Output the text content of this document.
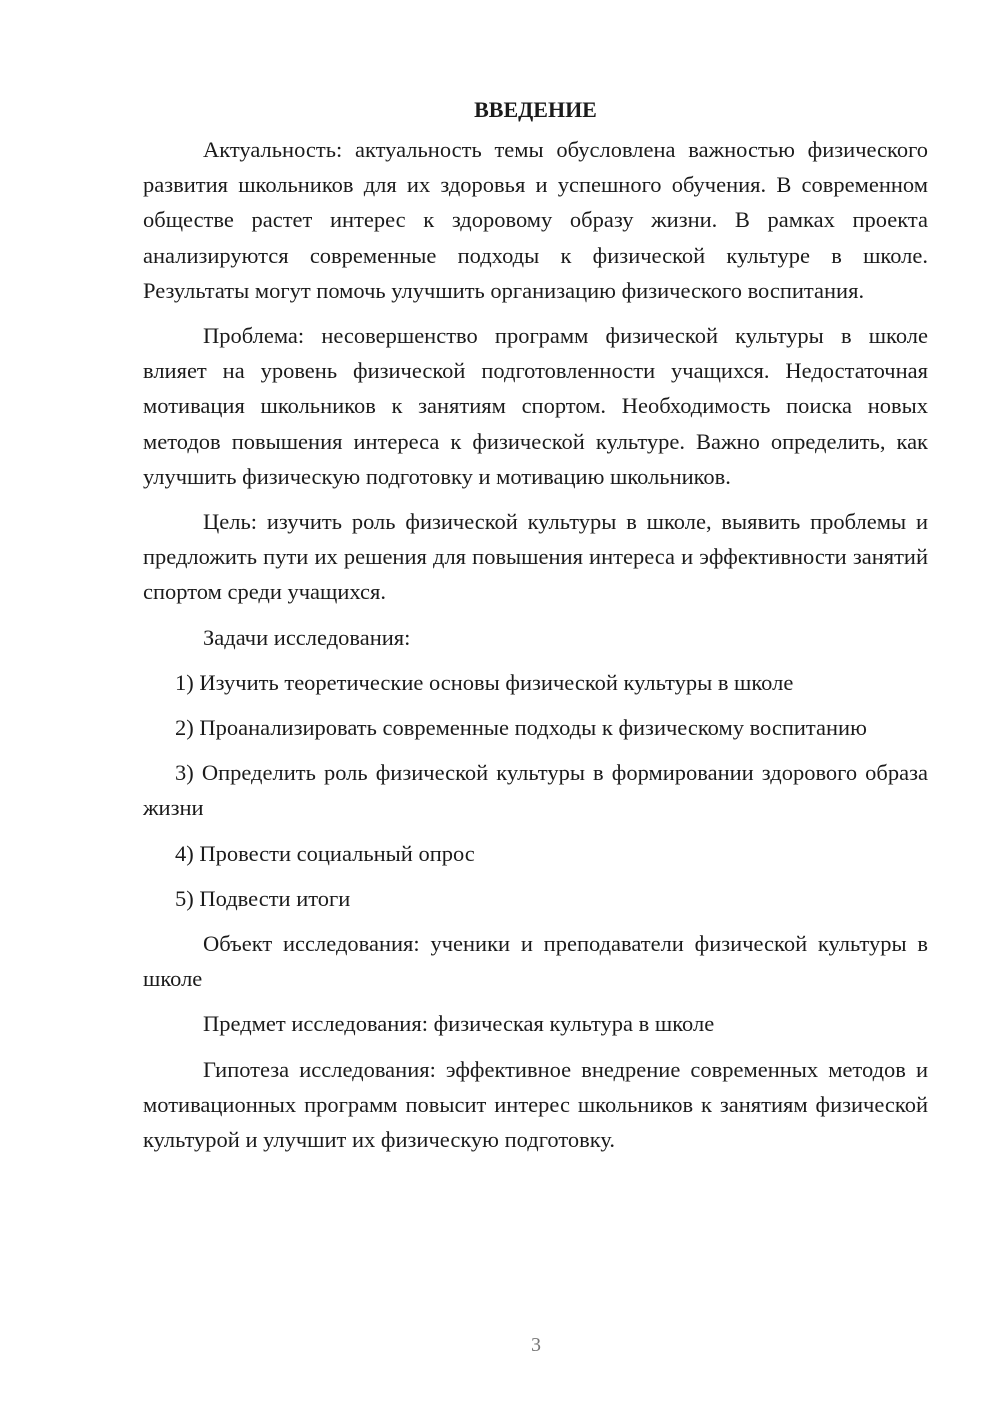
ВВЕДЕНИЕ

Актуальность: актуальность темы обусловлена важностью физического развития школьников для их здоровья и успешного обучения. В современном обществе растет интерес к здоровому образу жизни. В рамках проекта анализируются современные подходы к физической культуре в школе. Результаты могут помочь улучшить организацию физического воспитания.

Проблема: несовершенство программ физической культуры в школе влияет на уровень физической подготовленности учащихся. Недостаточная мотивация школьников к занятиям спортом. Необходимость поиска новых методов повышения интереса к физической культуре. Важно определить, как улучшить физическую подготовку и мотивацию школьников.

Цель: изучить роль физической культуры в школе, выявить проблемы и предложить пути их решения для повышения интереса и эффективности занятий спортом среди учащихся.

Задачи исследования:

1) Изучить теоретические основы физической культуры в школе

2) Проанализировать современные подходы к физическому воспитанию

3) Определить роль физической культуры в формировании здорового образа жизни

4) Провести социальный опрос

5) Подвести итоги

Объект исследования: ученики и преподаватели физической культуры в школе

Предмет исследования: физическая культура в школе

Гипотеза исследования: эффективное внедрение современных методов и мотивационных программ повысит интерес школьников к занятиям физической культурой и улучшит их физическую подготовку.

3
